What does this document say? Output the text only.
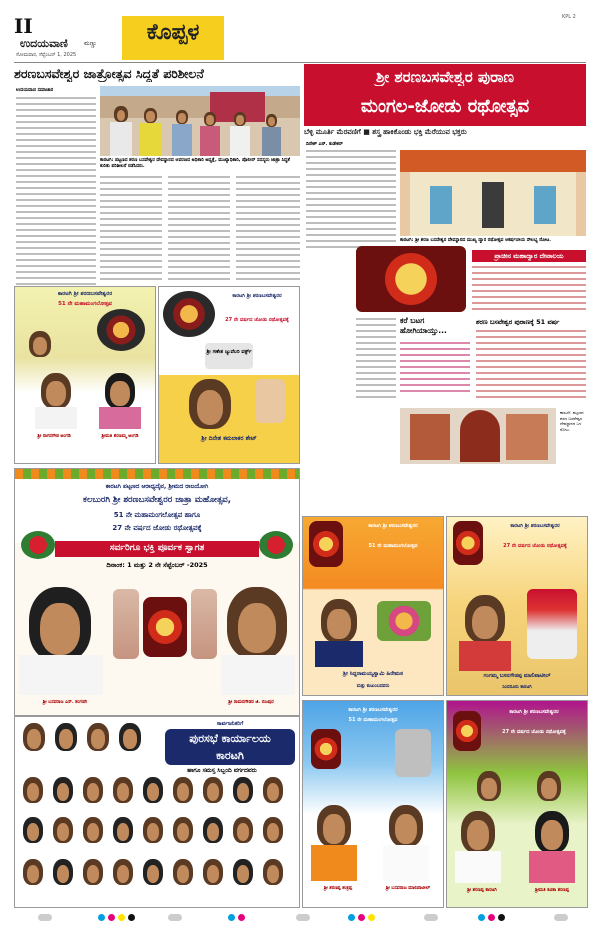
II
ಉದಯವಾಣಿ	ಮಣ್ಣು
ಸೋಮವಾರ, ಸೆಪ್ಟೆಂಬರ್ 1, 2025
ಕೊಪ್ಪಳ
KPL 2
ಶರಣಬಸವೇಶ್ವರ ಜಾತ್ರೋತ್ಸವ ಸಿದ್ದತೆ ಪರಿಶೀಲನೆ
ಉದಯವಾಣಿ ಸಮಾಚಾರ
ಕಾರಟಗಿ: ಪಟ್ಟಣದ ಶರಣ ಬಸವೇಶ್ವರ ದೇವಸ್ಥಾನದ ಆವರಣದ ಅಧಿಕಾರಿ ಅಧ್ಯಕ್ಷೆ, ಮುಖ್ಯಾಧಿಕಾರಿ, ಪೊಲೀಸ್ ಸದಸ್ಯರು ಜಾತ್ರಾ ಸಿದ್ಧತೆ ಕುರಿತು ಪರಿಶೀಲನೆ ನಡೆಸಿದರು.
ಶ್ರೀ ಶರಣಬಸವೇಶ್ವರ ಪುರಾಣ
ಮಂಗಲ-ಜೋಡು ರಥೋತ್ಸವ
ಬೆಳ್ಳಿ ಮೂರ್ತಿ ಮೆರವಣಿಗೆ ■ ಶಸ್ತ್ರ ಹಾಕಿಕೊಂಡು ಭಕ್ತಿ ಮೆರೆಯುವ ಭಕ್ತರು
ದಿನೇಶ್ ಎನ್. ಕುಡೇಕರ್
ಕಾರಟಗಿ: ಶ್ರೀ ಶರಣ ಬಸವೇಶ್ವರ ದೇವಸ್ಥಾನದ ಮುಖ್ಯ ದ್ವಾರ ರಥೋತ್ಸವ ಆಕರ್ಷಣೀಯ ಸೌಲಭ್ಯ ನೋಟ.
ಪ್ರಾಚೀನ ಮಹಾದ್ವಾರ ದೇವಾಲಯ
ಕರೆ ಬಟಗ ಹೋಗಿಯಾಯ್ತು...
ಶರಣ ಬಸವೇಶ್ವರ ಪುರಾಣಕ್ಕೆ 51 ವರ್ಷ
ಕಾರಟಗಿ: ಪಟ್ಟಣದ ಶರಣ ಬಸವೇಶ್ವರ ದೇವಸ್ಥಾನದ ಒಳ ನೋಟ.
ಕಾರಟಗಿ ಶ್ರೀ ಶರಣಬಸವೇಶ್ವರರ
51 ನೇ ಮಹಾಮಂಗಲೋತ್ಸವ
ಶ್ರೀ ನಾಗನಗೌಡ ಅಂಗಡಿ	ಶ್ರೀಮತಿ ಶರಣಮ್ಮ ಅಂಗಡಿ
ಕಾರಟಗಿ ಶ್ರೀ ಶರಣಬಸವೇಶ್ವರರ
27 ನೇ ವರ್ಷದ ಜೋಡು ರಥೋತ್ಸವಕ್ಕೆ
ಶ್ರೀ ಗಣೇಶ ಜ್ಯುವೆಲರಿ ವರ್ಕ್ಸ್
ಶ್ರೀ ದಿನೇಶ ಕಮಲಾಕರ ಶೇಟ್
ಕಾರಟಗಿ ಪಟ್ಟಣದ ಆರಾಧ್ಯದೈವ, ಶ್ರೀಮದ ರಾಜಯೋಗಿ
ಕಲಬುರಗಿ ಶ್ರೀ ಶರಣಬಸವೇಶ್ವರರ ಜಾತ್ರಾ ಮಹೋತ್ಸವ,
51 ನೇ ಮಹಾಮಂಗಲೋತ್ಸವ ಹಾಗೂ
27 ನೇ ವರ್ಷದ ಜೋಡು ರಥೋತ್ಸವಕ್ಕೆ
ಸರ್ವರಿಗೂ ಭಕ್ತಿ ಪೂರ್ವಕ ಸ್ವಾಗತ
ದಿನಾಂಕ: 1 ಮತ್ತು 2 ನೇ ಸೆಪ್ಟೆಂಬರ್ -2025
ಶ್ರೀ ಬಸವರಾಜ ಎಸ್. ತಂಗಡಗಿ	ಶ್ರೀ ರಾಮನಗೌಡರ ಜಿ. ಬಿಜಪುರ
ಕಾರಟಗಿ ಶ್ರೀ ಶರಣಬಸವೇಶ್ವರರ
51 ನೇ ಮಹಾಮಂಗಲೋತ್ಸವ
ಶ್ರೀ ಸಿದ್ದರಾಮಯ್ಯಸ್ವಾಮಿ ಹಿರೇಮಠ
ಮತ್ತು ಕುಟುಂಬದವರು
ಕಾರಟಗಿ ಶ್ರೀ ಶರಣಬಸವೇಶ್ವರರ
27 ನೇ ವರ್ಷದ ಜೋಡು ರಥೋತ್ಸವಕ್ಕೆ
ಗಂಗಮ್ಮ ಬಸನಗೌಡಪ್ಪ ಮಾಲಿಪಾಟೀಲ್
ಸಿಂದನೂರು ಕಾರಟಗಿ
ಸಾರ್ವಜನಿಕರಿಗೆ
ಪುರಸಭೆ ಕಾರ್ಯಾಲಯ
ಕಾರಟಗಿ
ಹಾಗೂ ಸಮಸ್ತ ಸಿಬ್ಬಂದಿ ವರ್ಗದವರು
ಕಾರಟಗಿ ಶ್ರೀ ಶರಣಬಸವೇಶ್ವರರ
51 ನೇ ಮಹಾಮಂಗಲೋತ್ಸವ
ಶ್ರೀ ಶರಣಪ್ಪ ಶಂಕ್ರಪ್ಪ	ಶ್ರೀ ಬಸವರಾಜ ಮಾಲಿಪಾಟೀಲ್
ಕಾರಟಗಿ ಶ್ರೀ ಶರಣಬಸವೇಶ್ವರರ
27 ನೇ ವರ್ಷದ ಜೋಡು ರಥೋತ್ಸವಕ್ಕೆ
ಶ್ರೀ ಶರಣಪ್ಪ ಕಾರಟಗಿ	ಶ್ರೀಮತಿ ಕವಿತಾ ಶರಣಪ್ಪ
